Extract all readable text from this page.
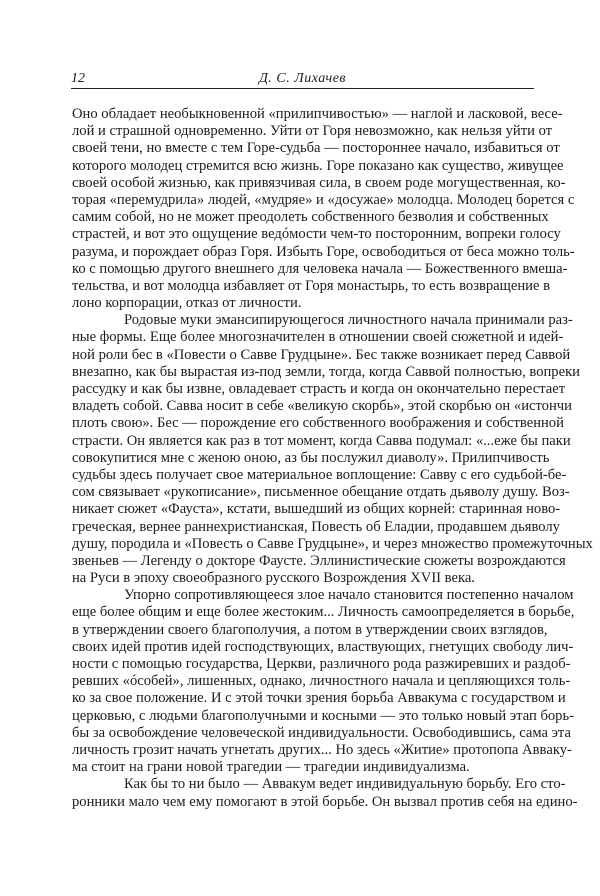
12	Д. С. Лихачев
Оно обладает необыкновенной «прилипчивостью» — наглой и ласковой, весе-
лой и страшной одновременно. Уйти от Горя невозможно, как нельзя уйти от
своей тени, но вместе с тем Горе-судьба — постороннее начало, избавиться от
которого молодец стремится всю жизнь. Горе показано как существо, живущее
своей особой жизнью, как привязчивая сила, в своем роде могущественная, ко-
торая «перемудрила» людей, «мудряе» и «досужае» молодца. Молодец борется с
самим собой, но не может преодолеть собственного безволия и собственных
страстей, и вот это ощущение ведóмости чем-то посторонним, вопреки голосу
разума, и порождает образ Горя. Избыть Горе, освободиться от беса можно толь-
ко с помощью другого внешнего для человека начала — Божественного вмеша-
тельства, и вот молодца избавляет от Горя монастырь, то есть возвращение в
лоно корпорации, отказ от личности.
Родовые муки эмансипирующегося личностного начала принимали раз-
ные формы. Еще более многозначителен в отношении своей сюжетной и идей-
ной роли бес в «Повести о Савве Грудцыне». Бес также возникает перед Саввой
внезапно, как бы вырастая из-под земли, тогда, когда Саввой полностью, вопреки
рассудку и как бы извне, овладевает страсть и когда он окончательно перестает
владеть собой. Савва носит в себе «великую скорбь», этой скорбью он «истончи
плоть свою». Бес — порождение его собственного воображения и собственной
страсти. Он является как раз в тот момент, когда Савва подумал: «...еже бы паки
совокупитися мне с женою оною, аз бы послужил диаволу». Прилипчивость
судьбы здесь получает свое материальное воплощение: Савву с его судьбой-бе-
сом связывает «рукописание», письменное обещание отдать дьяволу душу. Воз-
никает сюжет «Фауста», кстати, вышедший из общих корней: старинная ново-
греческая, вернее раннехристианская, Повесть об Еладии, продавшем дьяволу
душу, породила и «Повесть о Савве Грудцыне», и через множество промежуточных
звеньев — Легенду о докторе Фаусте. Эллинистические сюжеты возрождаются
на Руси в эпоху своеобразного русского Возрождения XVII века.
Упорно сопротивляющееся злое начало становится постепенно началом
еще более общим и еще более жестоким... Личность самоопределяется в борьбе,
в утверждении своего благополучия, а потом в утверждении своих взглядов,
своих идей против идей господствующих, властвующих, гнетущих свободу лич-
ности с помощью государства, Церкви, различного рода разжиревших и раздоб-
ревших «óсобей», лишенных, однако, личностного начала и цепляющихся толь-
ко за свое положение. И с этой точки зрения борьба Аввакума с государством и
церковью, с людьми благополучными и косными — это только новый этап борь-
бы за освобождение человеческой индивидуальности. Освободившись, сама эта
личность грозит начать угнетать других... Но здесь «Житие» протопопа Аввaку-
ма стоит на грани новой трагедии — трагедии индивидуализма.
Как бы то ни было — Аввакум ведет индивидуальную борьбу. Его сто-
ронники мало чем ему помогают в этой борьбе. Он вызвал против себя на едино-
